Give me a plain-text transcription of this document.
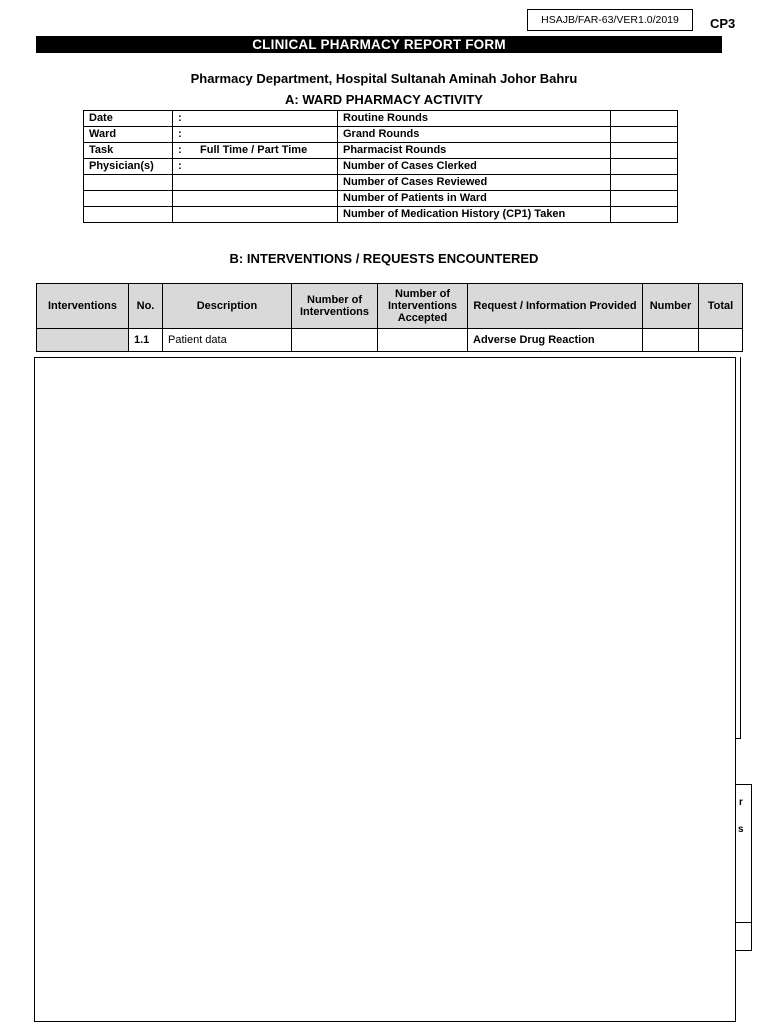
HSAJB/FAR-63/VER1.0/2019	CP3
CLINICAL PHARMACY REPORT FORM
Pharmacy Department, Hospital Sultanah Aminah Johor Bahru
A: WARD PHARMACY ACTIVITY
Date	:	Routine Rounds	
Ward	:	Grand Rounds	
Task	: Full Time / Part Time	Pharmacist Rounds	
Physician(s)	:	Number of Cases Clerked	
		Number of Cases Reviewed	
		Number of Patients in Ward	
		Number of Medication History (CP1) Taken	
B: INTERVENTIONS / REQUESTS ENCOUNTERED
Interventions	No.	Description	Number of Interventions	Number of Interventions Accepted	Request / Information Provided	Number	Total
	1.1	Patient data			Adverse Drug Reaction		
r
s
